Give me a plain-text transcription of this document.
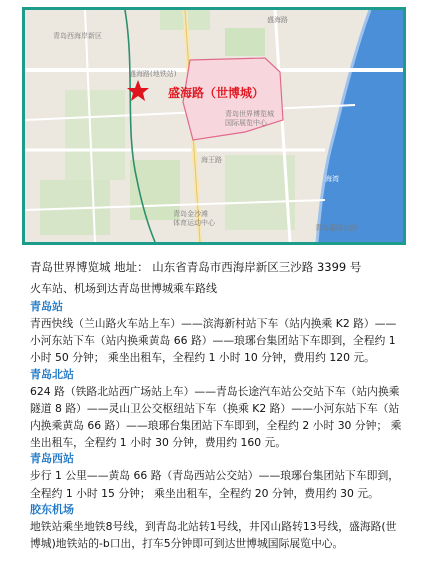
青岛西海岸新区
盛海路
盛海路(地铁站)
青岛世界博览城
国际展览中心
海王路
青岛金沙滩
体育运动中心
海湾
青岛嘉园公园
盛海路（世博城）

青岛世界博览城 地址： 山东省青岛市西海岸新区三沙路 3399 号

火车站、机场到达青岛世博城乘车路线

青岛站

青西快线（兰山路火车站上车）——滨海新村站下车（站内换乘 K2 路）——小河东站下车（站内换乘黄岛 66 路）——琅琊台集团站下车即到，全程约 1 小时 50 分钟； 乘坐出租车，全程约 1 小时 10 分钟，费用约 120 元。

青岛北站

624 路（铁路北站西广场站上车）——青岛长途汽车站公交站下车（站内换乘隧道 8 路）——灵山卫公交枢纽站下车（换乘 K2 路）——小河东站下车（站内换乘黄岛 66 路）——琅琊台集团站下车即到，全程约 2 小时 30 分钟； 乘坐出租车，全程约 1 小时 30 分钟，费用约 160 元。

青岛西站

步行 1 公里——黄岛 66 路（青岛西站公交站）——琅琊台集团站下车即到，全程约 1 小时 15 分钟； 乘坐出租车，全程约 20 分钟，费用约 30 元。

胶东机场

地铁站乘坐地铁8号线，到青岛北站转1号线，井冈山路转13号线，盛海路(世博城)地铁站的-b口出，打车5分钟即可到达世博城国际展览中心。
